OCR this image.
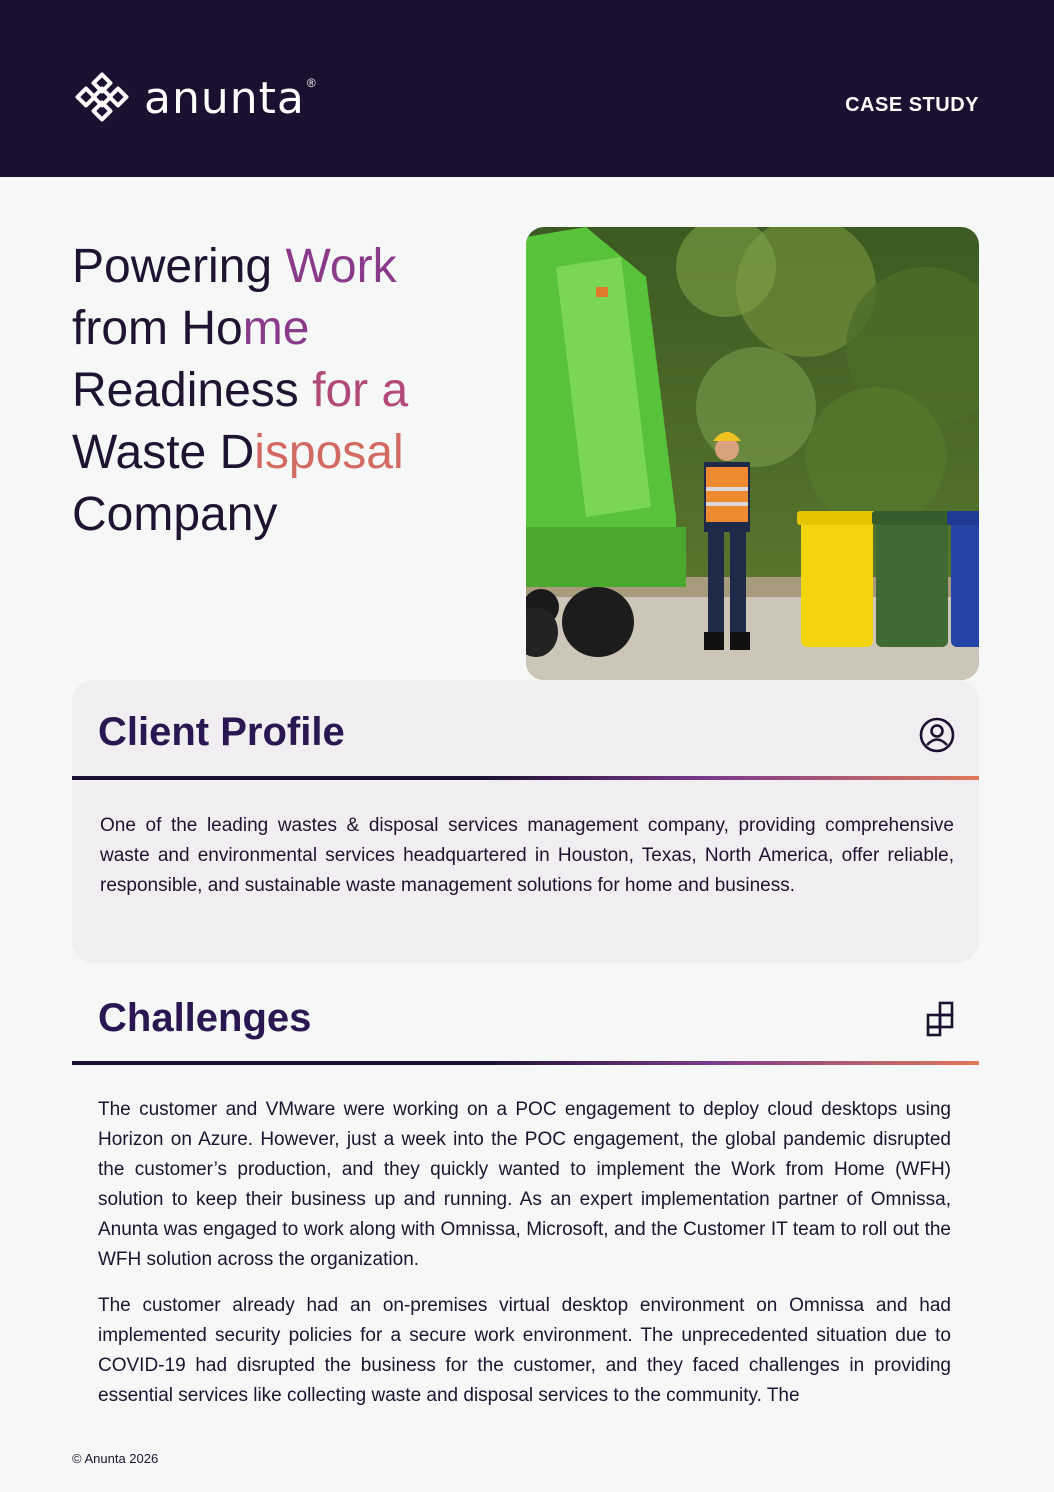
anunta ®
CASE STUDY
Powering Work
from Home
Readiness for a
Waste Disposal
Company
Client Profile

One of the leading wastes & disposal services management company, providing comprehensive waste and environmental services headquartered in Houston, Texas, North America, offer reliable, responsible, and sustainable waste management solutions for home and business.

Challenges

The customer and VMware were working on a POC engagement to deploy cloud desktops using Horizon on Azure. However, just a week into the POC engagement, the global pandemic disrupted the customer’s production, and they quickly wanted to implement the Work from Home (WFH) solution to keep their business up and running. As an expert implementation partner of Omnissa, Anunta was engaged to work along with Omnissa, Microsoft, and the Customer IT team to roll out the WFH solution across the organization.

The customer already had an on-premises virtual desktop environment on Omnissa and had implemented security policies for a secure work environment. The unprecedented situation due to COVID-19 had disrupted the business for the customer, and they faced challenges in providing essential services like collecting waste and disposal services to the community. The

© Anunta 2026
